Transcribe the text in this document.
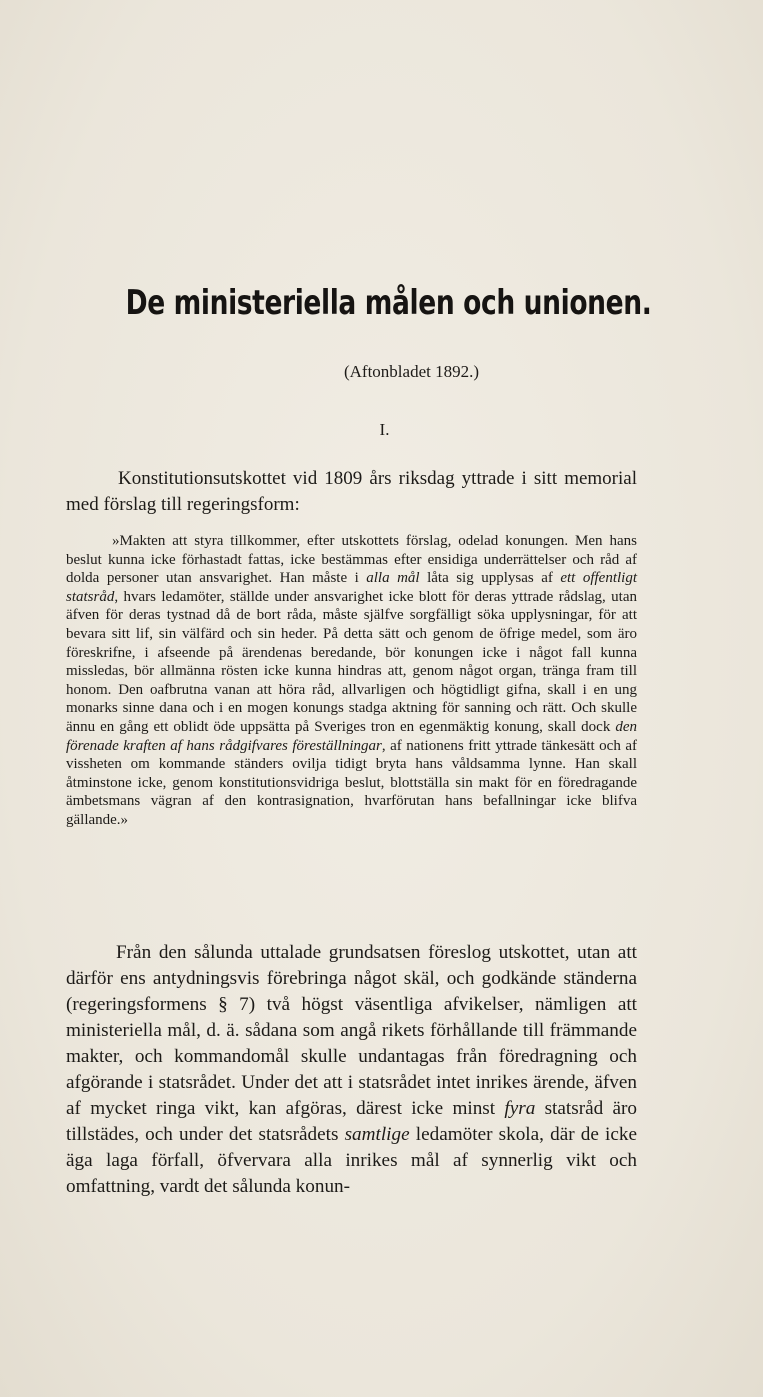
De ministeriella målen och unionen.
(Aftonbladet 1892.)
I.
Konstitutionsutskottet vid 1809 års riksdag yttrade i sitt memorial med förslag till regeringsform:
»Makten att styra tillkommer, efter utskottets förslag, odelad konungen. Men hans beslut kunna icke förhastadt fattas, icke bestämmas efter ensidiga underrättelser och råd af dolda personer utan ansvarighet. Han måste i alla mål låta sig upplysas af ett offentligt statsråd, hvars ledamöter, ställde under ansvarighet icke blott för deras yttrade rådslag, utan äfven för deras tystnad då de bort råda, måste själfve sorgfälligt söka upplysningar, för att bevara sitt lif, sin välfärd och sin heder. På detta sätt och genom de öfrige medel, som äro föreskrifne, i afseende på ärendenas beredande, bör konungen icke i något fall kunna missledas, bör allmänna rösten icke kunna hindras att, genom något organ, tränga fram till honom. Den oafbrutna vanan att höra råd, allvarligen och högtidligt gifna, skall i en ung monarks sinne dana och i en mogen konungs stadga aktning för sanning och rätt. Och skulle ännu en gång ett oblidt öde uppsätta på Sveriges tron en egenmäktig konung, skall dock den förenade kraften af hans rådgifvares föreställningar, af nationens fritt yttrade tänkesätt och af vissheten om kommande ständers ovilja tidigt bryta hans våldsamma lynne. Han skall åtminstone icke, genom konstitutionsvidriga beslut, blottställa sin makt för en föredragande ämbetsmans vägran af den kontrasignation, hvarförutan hans befallningar icke blifva gällande.»
Från den sålunda uttalade grundsatsen föreslog utskottet, utan att därför ens antydningsvis förebringa något skäl, och godkände ständerna (regeringsformens § 7) två högst väsentliga afvikelser, nämligen att ministeriella mål, d. ä. sådana som angå rikets förhållande till främmande makter, och kommandomål skulle undantagas från föredragning och afgörande i statsrådet. Under det att i statsrådet intet inrikes ärende, äfven af mycket ringa vikt, kan afgöras, därest icke minst fyra statsråd äro tillstädes, och under det statsrådets samtlige ledamöter skola, där de icke äga laga förfall, öfvervara alla inrikes mål af synnerlig vikt och omfattning, vardt det sålunda konun-
